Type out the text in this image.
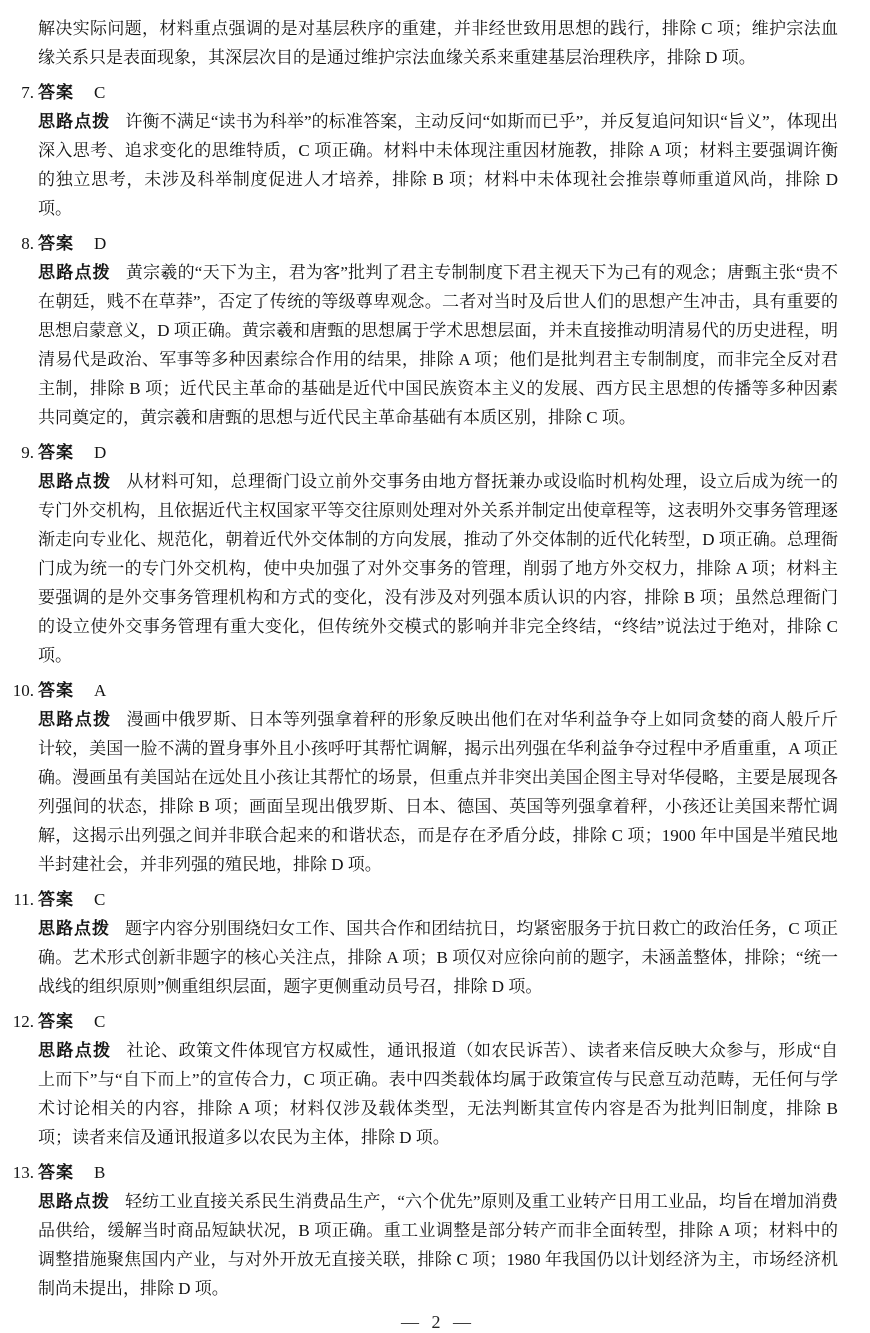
解决实际问题，材料重点强调的是对基层秩序的重建，并非经世致用思想的践行，排除 C 项；维护宗法血缘关系只是表面现象，其深层次目的是通过维护宗法血缘关系来重建基层治理秩序，排除 D 项。

7. 答案 C

思路点拨 许衡不满足“读书为科举”的标准答案，主动反问“如斯而已乎”，并反复追问知识“旨义”，体现出深入思考、追求变化的思维特质，C 项正确。材料中未体现注重因材施教，排除 A 项；材料主要强调许衡的独立思考，未涉及科举制度促进人才培养，排除 B 项；材料中未体现社会推崇尊师重道风尚，排除 D 项。

8. 答案 D

思路点拨 黄宗羲的“天下为主，君为客”批判了君主专制制度下君主视天下为己有的观念；唐甄主张“贵不在朝廷，贱不在草莽”，否定了传统的等级尊卑观念。二者对当时及后世人们的思想产生冲击，具有重要的思想启蒙意义，D 项正确。黄宗羲和唐甄的思想属于学术思想层面，并未直接推动明清易代的历史进程，明清易代是政治、军事等多种因素综合作用的结果，排除 A 项；他们是批判君主专制制度，而非完全反对君主制，排除 B 项；近代民主革命的基础是近代中国民族资本主义的发展、西方民主思想的传播等多种因素共同奠定的，黄宗羲和唐甄的思想与近代民主革命基础有本质区别，排除 C 项。

9. 答案 D

思路点拨 从材料可知，总理衙门设立前外交事务由地方督抚兼办或设临时机构处理，设立后成为统一的专门外交机构，且依据近代主权国家平等交往原则处理对外关系并制定出使章程等，这表明外交事务管理逐渐走向专业化、规范化，朝着近代外交体制的方向发展，推动了外交体制的近代化转型，D 项正确。总理衙门成为统一的专门外交机构，使中央加强了对外交事务的管理，削弱了地方外交权力，排除 A 项；材料主要强调的是外交事务管理机构和方式的变化，没有涉及对列强本质认识的内容，排除 B 项；虽然总理衙门的设立使外交事务管理有重大变化，但传统外交模式的影响并非完全终结，“终结”说法过于绝对，排除 C 项。

10. 答案 A

思路点拨 漫画中俄罗斯、日本等列强拿着秤的形象反映出他们在对华利益争夺上如同贪婪的商人般斤斤计较，美国一脸不满的置身事外且小孩呼吁其帮忙调解，揭示出列强在华利益争夺过程中矛盾重重，A 项正确。漫画虽有美国站在远处且小孩让其帮忙的场景，但重点并非突出美国企图主导对华侵略，主要是展现各列强间的状态，排除 B 项；画面呈现出俄罗斯、日本、德国、英国等列强拿着秤，小孩还让美国来帮忙调解，这揭示出列强之间并非联合起来的和谐状态，而是存在矛盾分歧，排除 C 项；1900 年中国是半殖民地半封建社会，并非列强的殖民地，排除 D 项。

11. 答案 C

思路点拨 题字内容分别围绕妇女工作、国共合作和团结抗日，均紧密服务于抗日救亡的政治任务，C 项正确。艺术形式创新非题字的核心关注点，排除 A 项；B 项仅对应徐向前的题字，未涵盖整体，排除；“统一战线的组织原则”侧重组织层面，题字更侧重动员号召，排除 D 项。

12. 答案 C

思路点拨 社论、政策文件体现官方权威性，通讯报道（如农民诉苦）、读者来信反映大众参与，形成“自上而下”与“自下而上”的宣传合力，C 项正确。表中四类载体均属于政策宣传与民意互动范畴，无任何与学术讨论相关的内容，排除 A 项；材料仅涉及载体类型，无法判断其宣传内容是否为批判旧制度，排除 B 项；读者来信及通讯报道多以农民为主体，排除 D 项。

13. 答案 B

思路点拨 轻纺工业直接关系民生消费品生产，“六个优先”原则及重工业转产日用工业品，均旨在增加消费品供给，缓解当时商品短缺状况，B 项正确。重工业调整是部分转产而非全面转型，排除 A 项；材料中的调整措施聚焦国内产业，与对外开放无直接关联，排除 C 项；1980 年我国仍以计划经济为主，市场经济机制尚未提出，排除 D 项。

— 2 —
